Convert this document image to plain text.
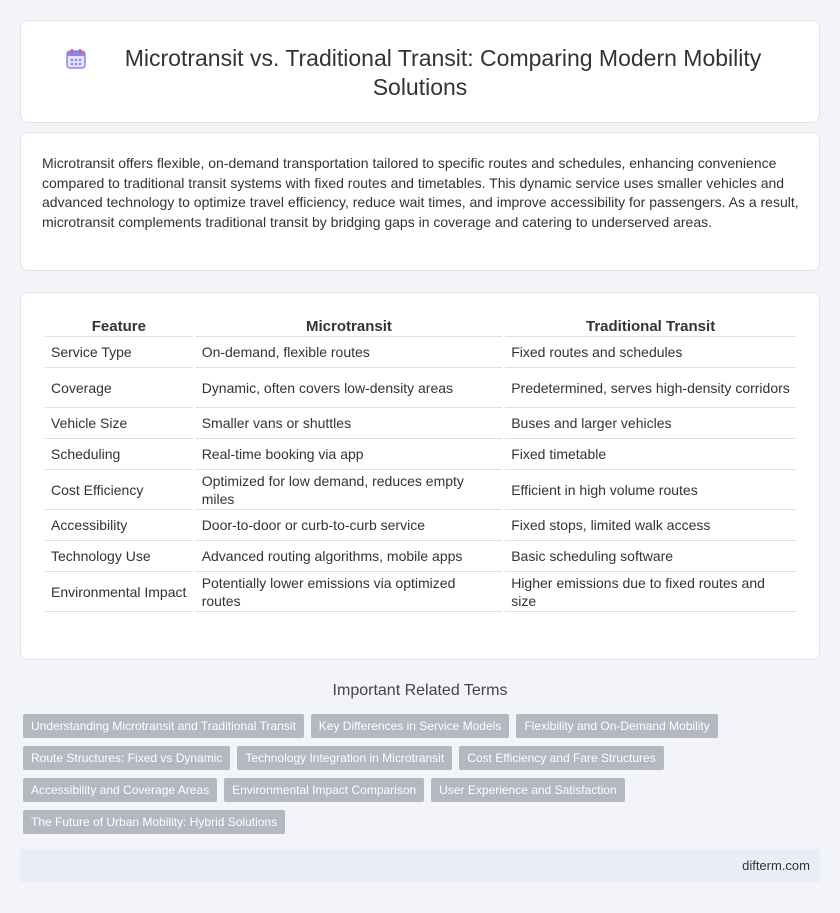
Microtransit vs. Traditional Transit: Comparing Modern Mobility
Solutions

Microtransit offers flexible, on-demand transportation tailored to specific routes and schedules, enhancing convenience compared to traditional transit systems with fixed routes and timetables. This dynamic service uses smaller vehicles and advanced technology to optimize travel efficiency, reduce wait times, and improve accessibility for passengers. As a result, microtransit complements traditional transit by bridging gaps in coverage and catering to underserved areas.

Feature	Microtransit	Traditional Transit
Service Type	On-demand, flexible routes	Fixed routes and schedules
Coverage	Dynamic, often covers low-density areas	Predetermined, serves high-density corridors
Vehicle Size	Smaller vans or shuttles	Buses and larger vehicles
Scheduling	Real-time booking via app	Fixed timetable
Cost Efficiency	Optimized for low demand, reduces empty miles	Efficient in high volume routes
Accessibility	Door-to-door or curb-to-curb service	Fixed stops, limited walk access
Technology Use	Advanced routing algorithms, mobile apps	Basic scheduling software
Environmental Impact	Potentially lower emissions via optimized routes	Higher emissions due to fixed routes and size
Important Related Terms
Understanding Microtransit and Traditional Transit	Key Differences in Service Models	Flexibility and On-Demand Mobility
Route Structures: Fixed vs Dynamic	Technology Integration in Microtransit	Cost Efficiency and Fare Structures
Accessibility and Coverage Areas	Environmental Impact Comparison	User Experience and Satisfaction
The Future of Urban Mobility: Hybrid Solutions
difterm.com
